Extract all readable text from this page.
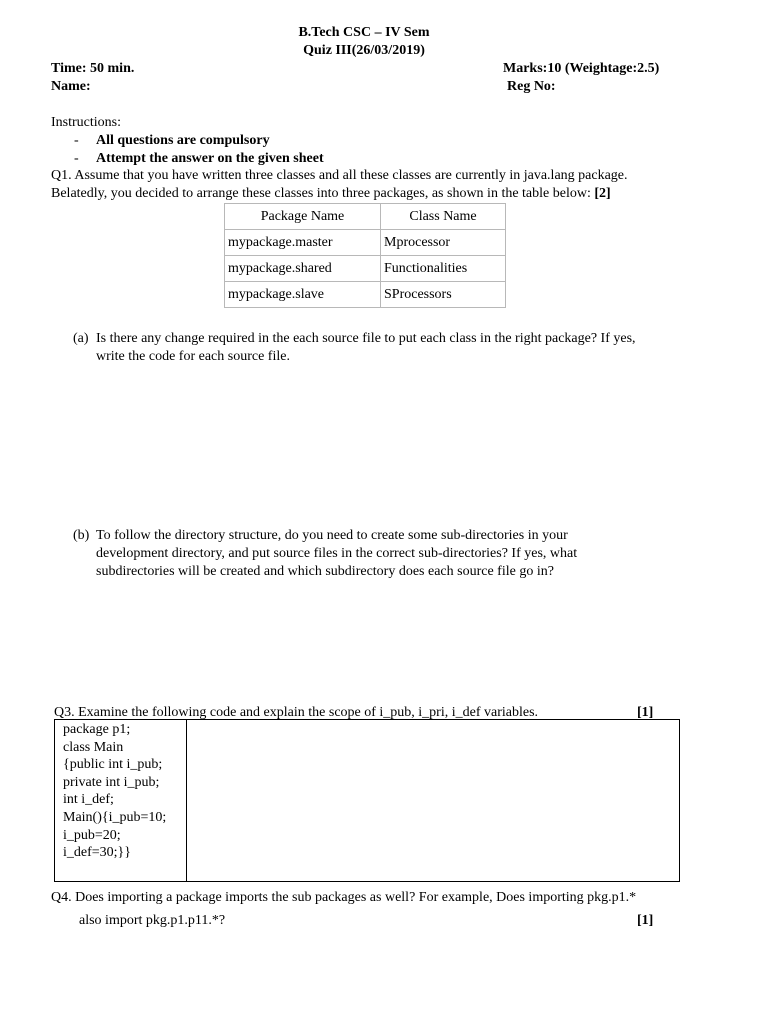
B.Tech CSC – IV Sem
Quiz III(26/03/2019)
Time: 50 min.	Marks:10 (Weightage:2.5)
Name:	Reg No:
Instructions:
- All questions are compulsory
- Attempt the answer on the given sheet
Q1. Assume that you have written three classes and all these classes are currently in java.lang package.
Belatedly, you decided to arrange these classes into three packages, as shown in the table below: [2]
Package Name	Class Name
mypackage.master	Mprocessor
mypackage.shared	Functionalities
mypackage.slave	SProcessors
(a) Is there any change required in the each source file to put each class in the right package? If yes,
write the code for each source file.
(b) To follow the directory structure, do you need to create some sub-directories in your
development directory, and put source files in the correct sub-directories? If yes, what
subdirectories will be created and which subdirectory does each source file go in?
Q3. Examine the following code and explain the scope of i_pub, i_pri, i_def variables.	[1]
package p1;
class Main
{public int i_pub;
private int i_pub;
int i_def;
Main(){i_pub=10;
i_pub=20;
i_def=30;}}
Q4. Does importing a package imports the sub packages as well? For example, Does importing pkg.p1.*
also import pkg.p1.p11.*?	[1]
